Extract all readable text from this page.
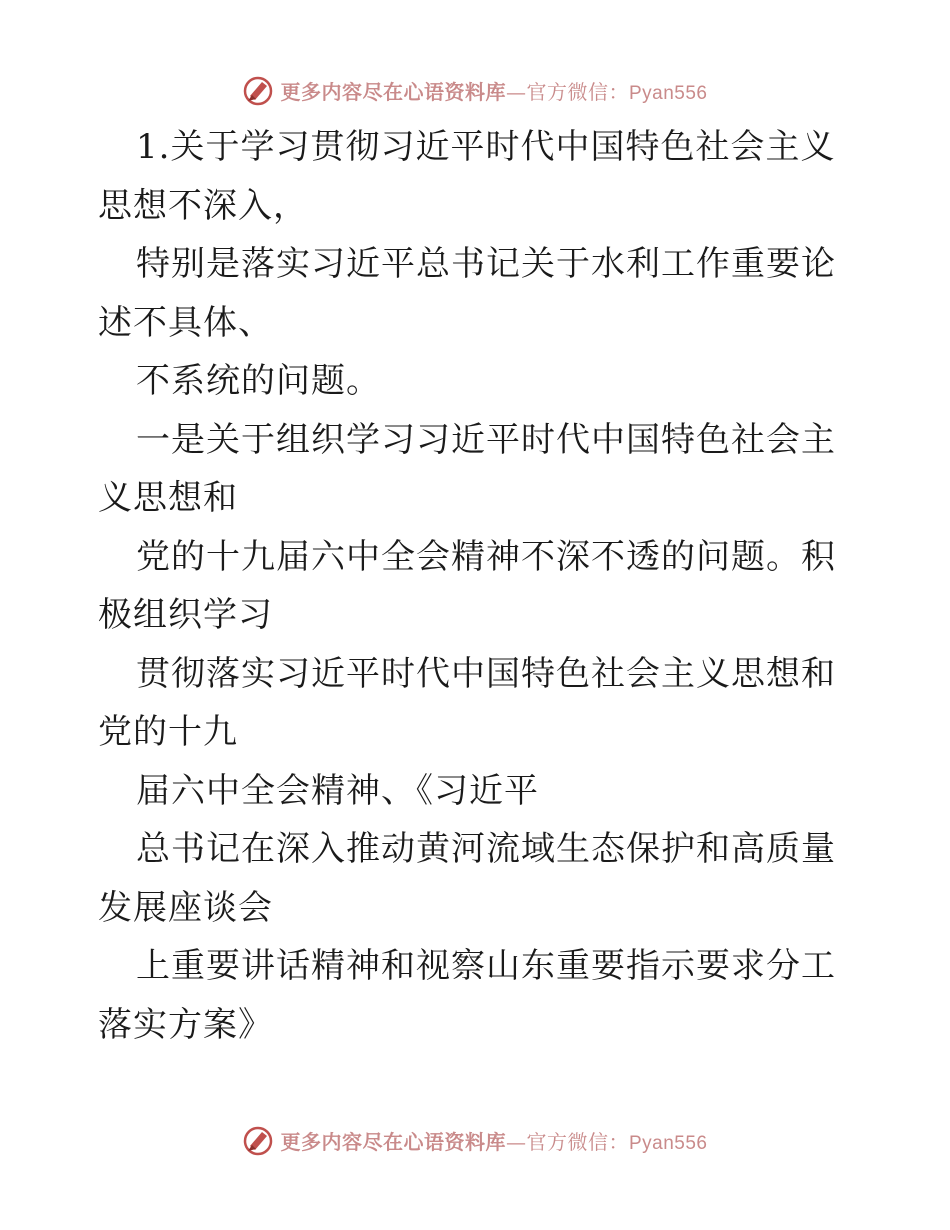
更多内容尽在心语资料库—官方微信：Pyan556

1.关于学习贯彻习近平时代中国特色社会主义思想不深入，

特别是落实习近平总书记关于水利工作重要论述不具体、

不系统的问题。

一是关于组织学习习近平时代中国特色社会主义思想和

党的十九届六中全会精神不深不透的问题。积极组织学习

贯彻落实习近平时代中国特色社会主义思想和党的十九

届六中全会精神、《习近平

总书记在深入推动黄河流域生态保护和高质量发展座谈会

上重要讲话精神和视察山东重要指示要求分工落实方案》

更多内容尽在心语资料库—官方微信：Pyan556
